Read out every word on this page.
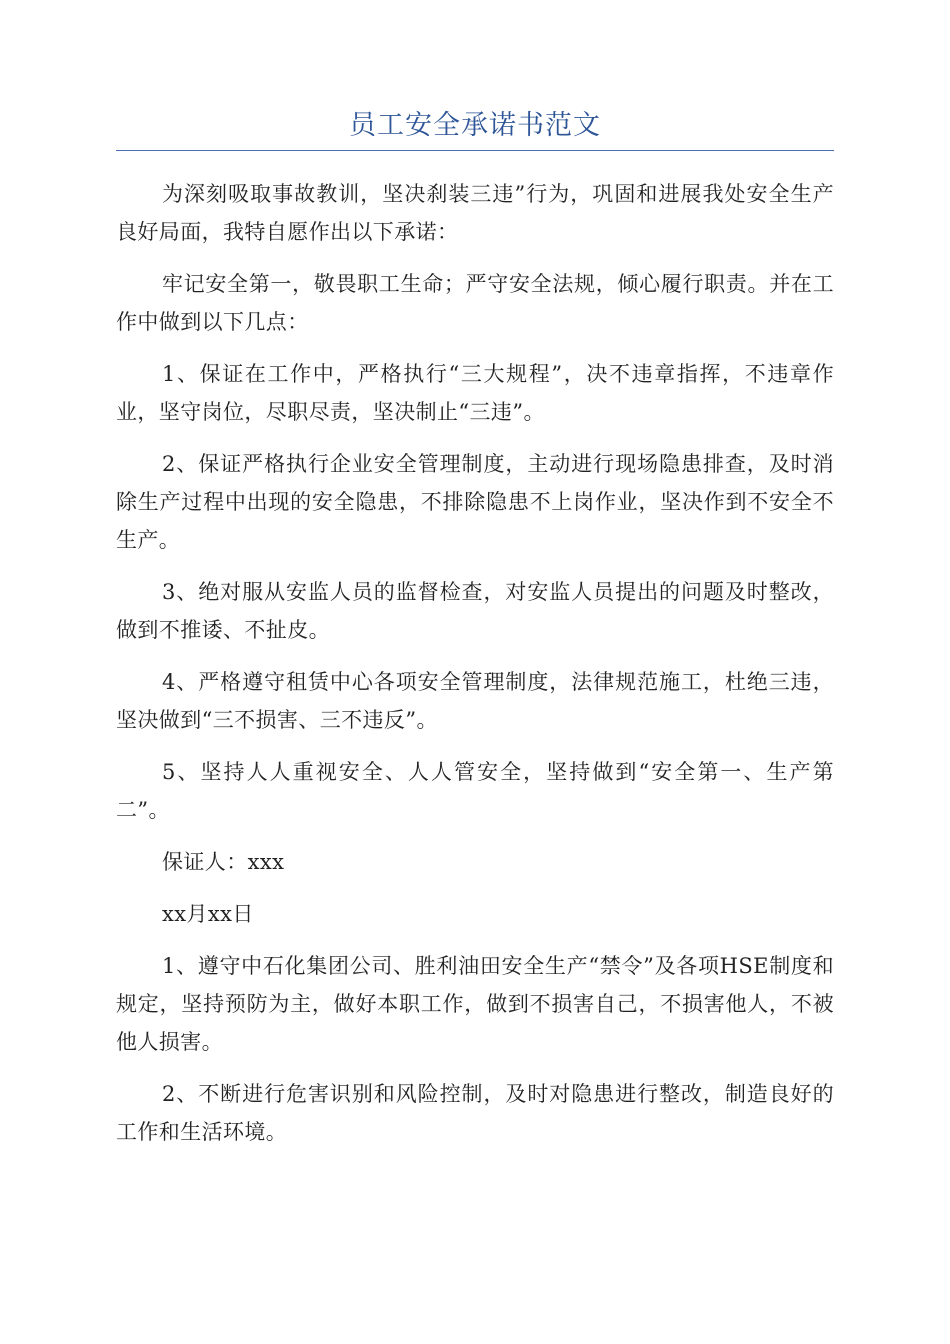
员工安全承诺书范文

为深刻吸取事故教训，坚决刹装三违”行为，巩固和进展我处安全生产良好局面，我特自愿作出以下承诺：

牢记安全第一，敬畏职工生命；严守安全法规，倾心履行职责。并在工作中做到以下几点：

1、保证在工作中，严格执行“三大规程”，决不违章指挥，不违章作业，坚守岗位，尽职尽责，坚决制止“三违”。

2、保证严格执行企业安全管理制度，主动进行现场隐患排查，及时消除生产过程中出现的安全隐患，不排除隐患不上岗作业，坚决作到不安全不生产。

3、绝对服从安监人员的监督检查，对安监人员提出的问题及时整改，做到不推诿、不扯皮。

4、严格遵守租赁中心各项安全管理制度，法律规范施工，杜绝三违，坚决做到“三不损害、三不违反”。

5、坚持人人重视安全、人人管安全，坚持做到“安全第一、生产第二”。

保证人：xxx

xx月xx日

1、遵守中石化集团公司、胜利油田安全生产“禁令”及各项HSE制度和规定，坚持预防为主，做好本职工作，做到不损害自己，不损害他人，不被他人损害。

2、不断进行危害识别和风险控制，及时对隐患进行整改，制造良好的工作和生活环境。
